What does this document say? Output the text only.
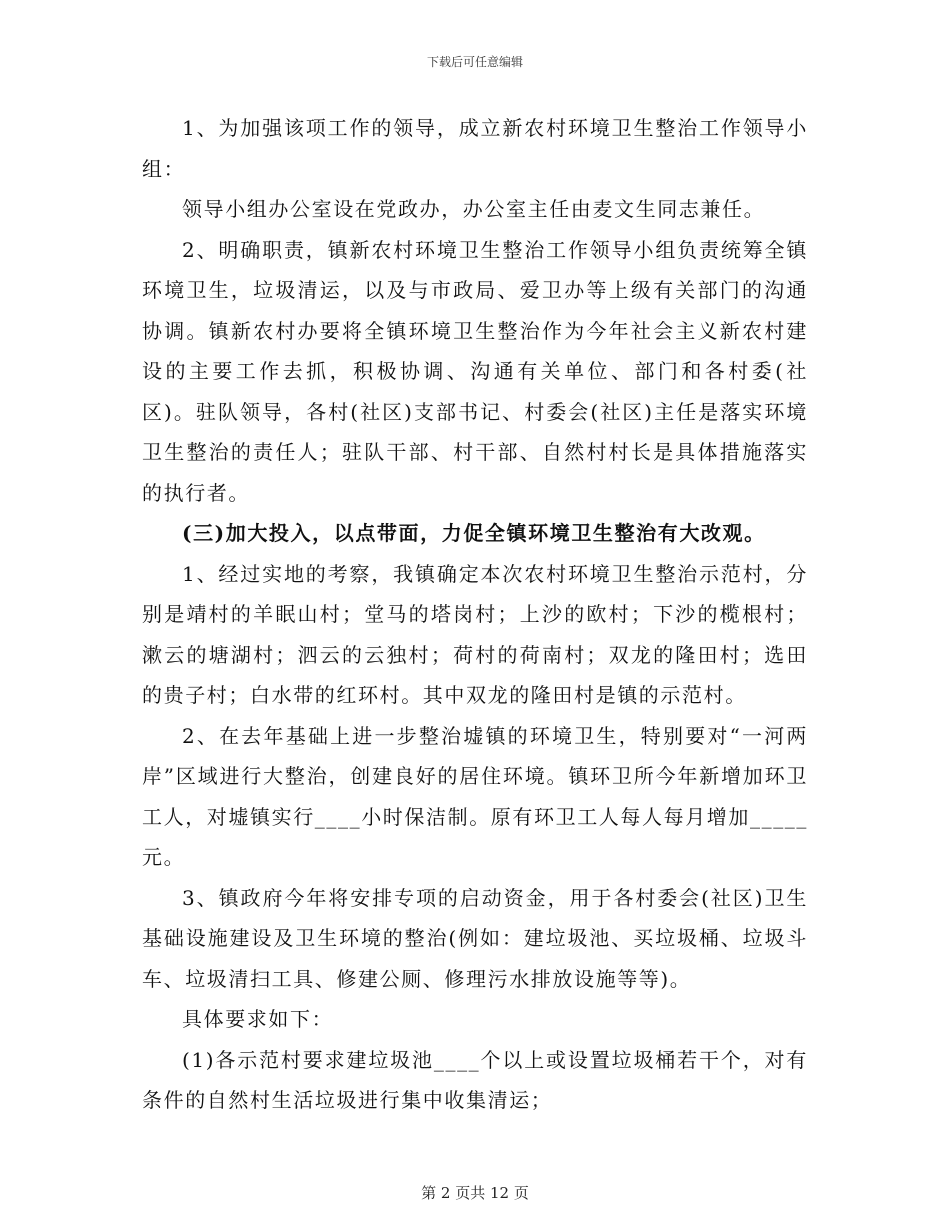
下载后可任意编辑

1、为加强该项工作的领导，成立新农村环境卫生整治工作领导小组：

领导小组办公室设在党政办，办公室主任由麦文生同志兼任。

2、明确职责，镇新农村环境卫生整治工作领导小组负责统筹全镇环境卫生，垃圾清运，以及与市政局、爱卫办等上级有关部门的沟通协调。镇新农村办要将全镇环境卫生整治作为今年社会主义新农村建设的主要工作去抓，积极协调、沟通有关单位、部门和各村委(社区)。驻队领导，各村(社区)支部书记、村委会(社区)主任是落实环境卫生整治的责任人；驻队干部、村干部、自然村村长是具体措施落实的执行者。

(三)加大投入，以点带面，力促全镇环境卫生整治有大改观。

1、经过实地的考察，我镇确定本次农村环境卫生整治示范村，分别是靖村的羊眠山村；堂马的塔岗村；上沙的欧村；下沙的榄根村；漱云的塘湖村；泗云的云独村；荷村的荷南村；双龙的隆田村；选田的贵子村；白水带的红环村。其中双龙的隆田村是镇的示范村。

2、在去年基础上进一步整治墟镇的环境卫生，特别要对“一河两岸”区域进行大整治，创建良好的居住环境。镇环卫所今年新增加环卫工人，对墟镇实行____小时保洁制。原有环卫工人每人每月增加_____元。

3、镇政府今年将安排专项的启动资金，用于各村委会(社区)卫生基础设施建设及卫生环境的整治(例如：建垃圾池、买垃圾桶、垃圾斗车、垃圾清扫工具、修建公厕、修理污水排放设施等等)。

具体要求如下：

(1)各示范村要求建垃圾池____个以上或设置垃圾桶若干个，对有条件的自然村生活垃圾进行集中收集清运；

第 2 页共 12 页
